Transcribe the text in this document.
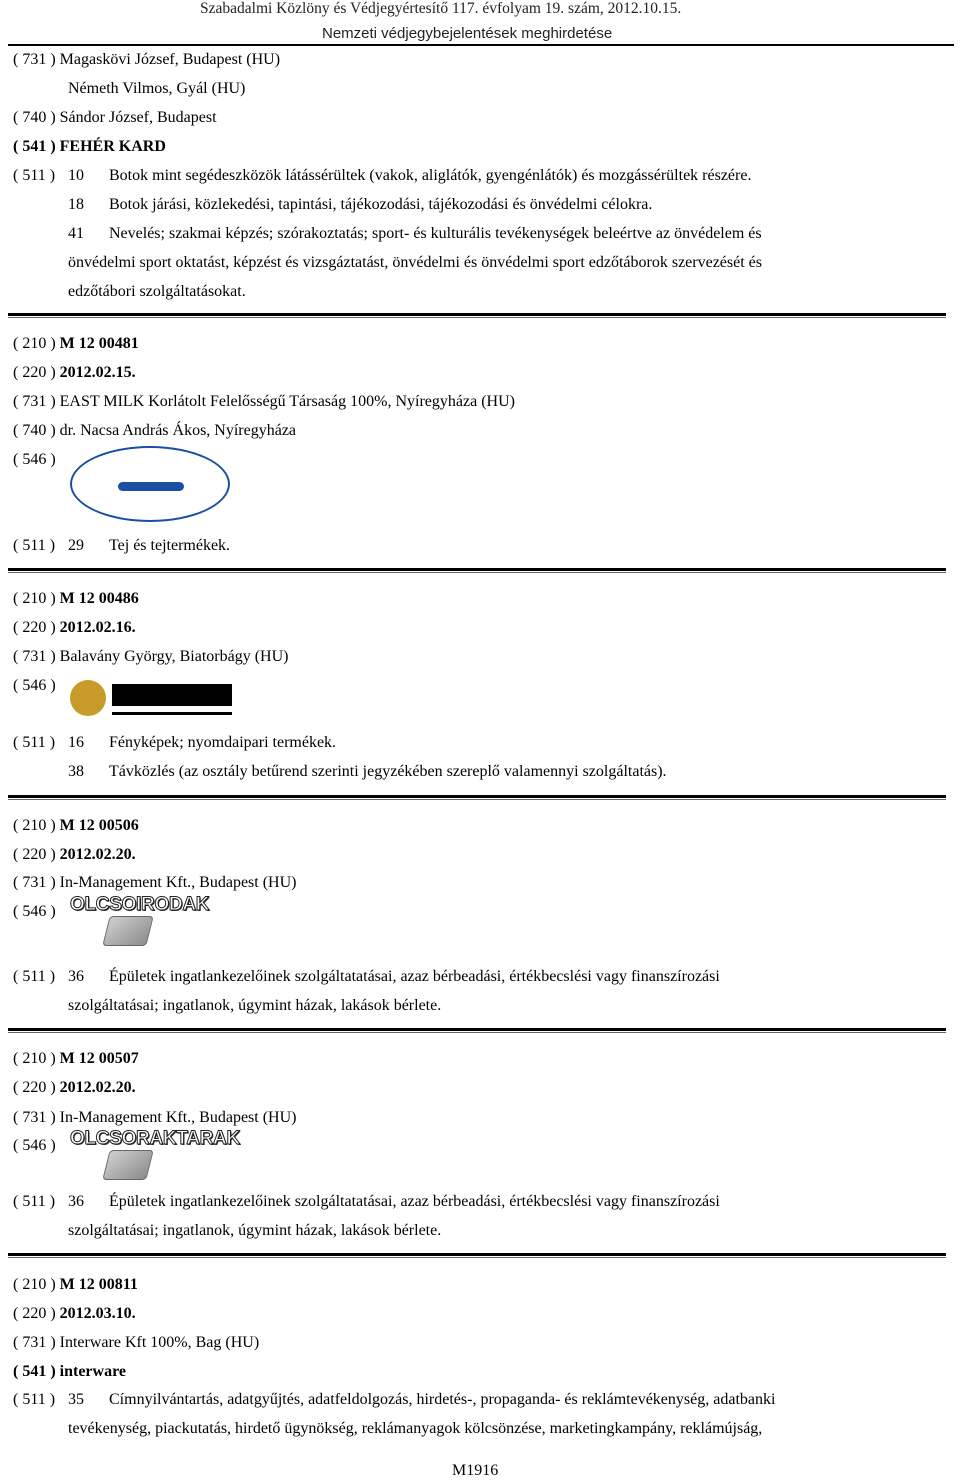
Szabadalmi Közlöny és Védjegyértesítő 117. évfolyam 19. szám, 2012.10.15.
Nemzeti védjegybejelentések meghirdetése
( 731 ) Magaskövi József, Budapest (HU)
Németh Vilmos, Gyál (HU)
( 740 ) Sándor József, Budapest
( 541 ) FEHÉR KARD
( 511 ) 10 Botok mint segédeszközök látássérültek (vakok, aliglátók, gyengénlátók) és mozgássérültek részére.
18 Botok járási, közlekedési, tapintási, tájékozodási, tájékozodási és önvédelmi célokra.
41 Nevelés; szakmai képzés; szórakoztatás; sport- és kulturális tevékenységek beleértve az önvédelem és
önvédelmi sport oktatást, képzést és vizsgáztatást, önvédelmi és önvédelmi sport edzőtáborok szervezését és
edzőtábori szolgáltatásokat.
( 210 ) M 12 00481
( 220 ) 2012.02.15.
( 731 ) EAST MILK Korlátolt Felelősségű Társaság 100%, Nyíregyháza (HU)
( 740 ) dr. Nacsa András Ákos, Nyíregyháza
( 546 )
( 511 ) 29 Tej és tejtermékek.
( 210 ) M 12 00486
( 220 ) 2012.02.16.
( 731 ) Balavány György, Biatorbágy (HU)
( 546 )
( 511 ) 16 Fényképek; nyomdaipari termékek.
38 Távközlés (az osztály betűrend szerinti jegyzékében szereplő valamennyi szolgáltatás).
( 210 ) M 12 00506
( 220 ) 2012.02.20.
( 731 ) In-Management Kft., Budapest (HU)
( 546 ) OLCSOIRODAK
( 511 ) 36 Épületek ingatlankezelőinek szolgáltatatásai, azaz bérbeadási, értékbecslési vagy finanszírozási
szolgáltatásai; ingatlanok, úgymint házak, lakások bérlete.
( 210 ) M 12 00507
( 220 ) 2012.02.20.
( 731 ) In-Management Kft., Budapest (HU)
( 546 ) OLCSORAKTARAK
( 511 ) 36 Épületek ingatlankezelőinek szolgáltatatásai, azaz bérbeadási, értékbecslési vagy finanszírozási
szolgáltatásai; ingatlanok, úgymint házak, lakások bérlete.
( 210 ) M 12 00811
( 220 ) 2012.03.10.
( 731 ) Interware Kft 100%, Bag (HU)
( 541 ) interware
( 511 ) 35 Címnyilvántartás, adatgyűjtés, adatfeldolgozás, hirdetés-, propaganda- és reklámtevékenység, adatbanki
tevékenység, piackutatás, hirdető ügynökség, reklámanyagok kölcsönzése, marketingkampány, reklámújság,
M1916
